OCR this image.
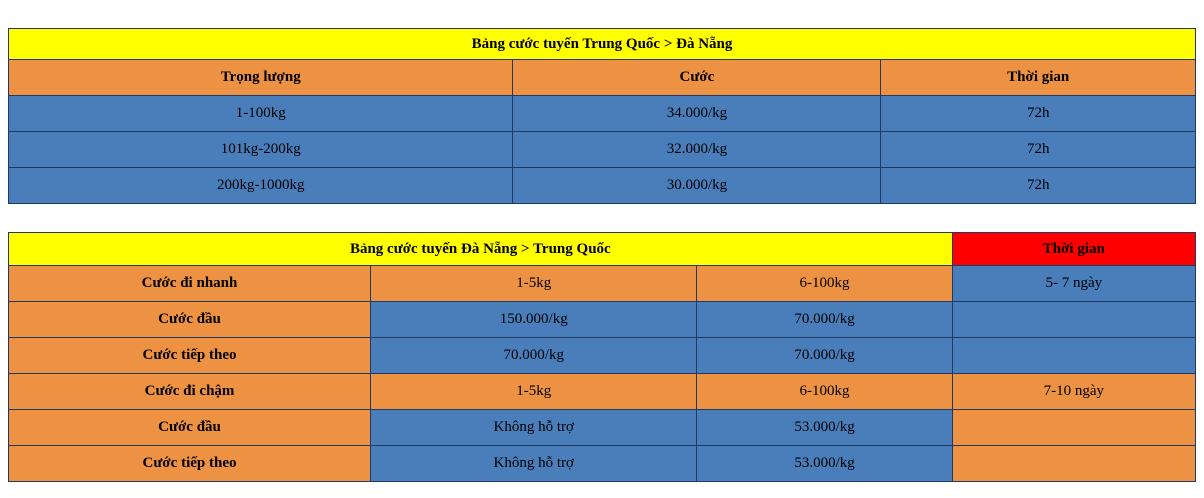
Bảng cước tuyến Trung Quốc > Đà Nẵng		
Trọng lượng	Cước	Thời gian
1-100kg	34.000/kg	72h
101kg-200kg	32.000/kg	72h
200kg-1000kg	30.000/kg	72h
Bảng cước tuyến Đà Nẵng > Trung Quốc			Thời gian
Cước đi nhanh	1-5kg	6-100kg	5- 7 ngày
Cước đầu	150.000/kg	70.000/kg	
Cước tiếp theo	70.000/kg	70.000/kg	
Cước đi chậm	1-5kg	6-100kg	7-10 ngày
Cước đầu	Không hỗ trợ	53.000/kg	
Cước tiếp theo	Không hỗ trợ	53.000/kg	
